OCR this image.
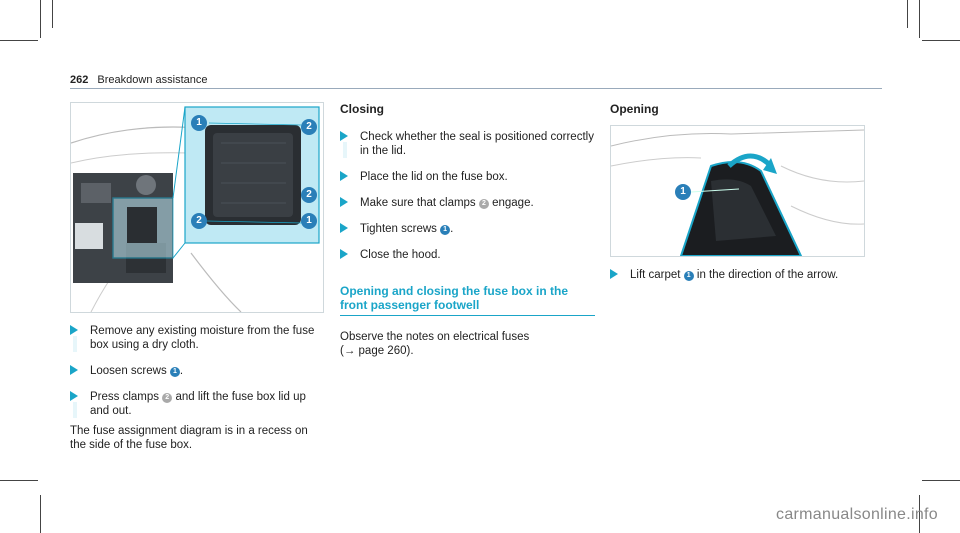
262 Breakdown assistance
1	2
2
2	1
Remove any existing moisture from the fuse box using a dry cloth.
Loosen screws 1 .
Press clamps 2 and lift the fuse box lid up and out.
The fuse assignment diagram is in a recess on the side of the fuse box.
Closing
Check whether the seal is positioned correctly in the lid.
Place the lid on the fuse box.
Make sure that clamps 2 engage.
Tighten screws 1 .
Close the hood.
Opening and closing the fuse box in the front passenger footwell
Observe the notes on electrical fuses
(→ page 260).
Opening
1
Lift carpet 1 in the direction of the arrow.
carmanualsonline.info
